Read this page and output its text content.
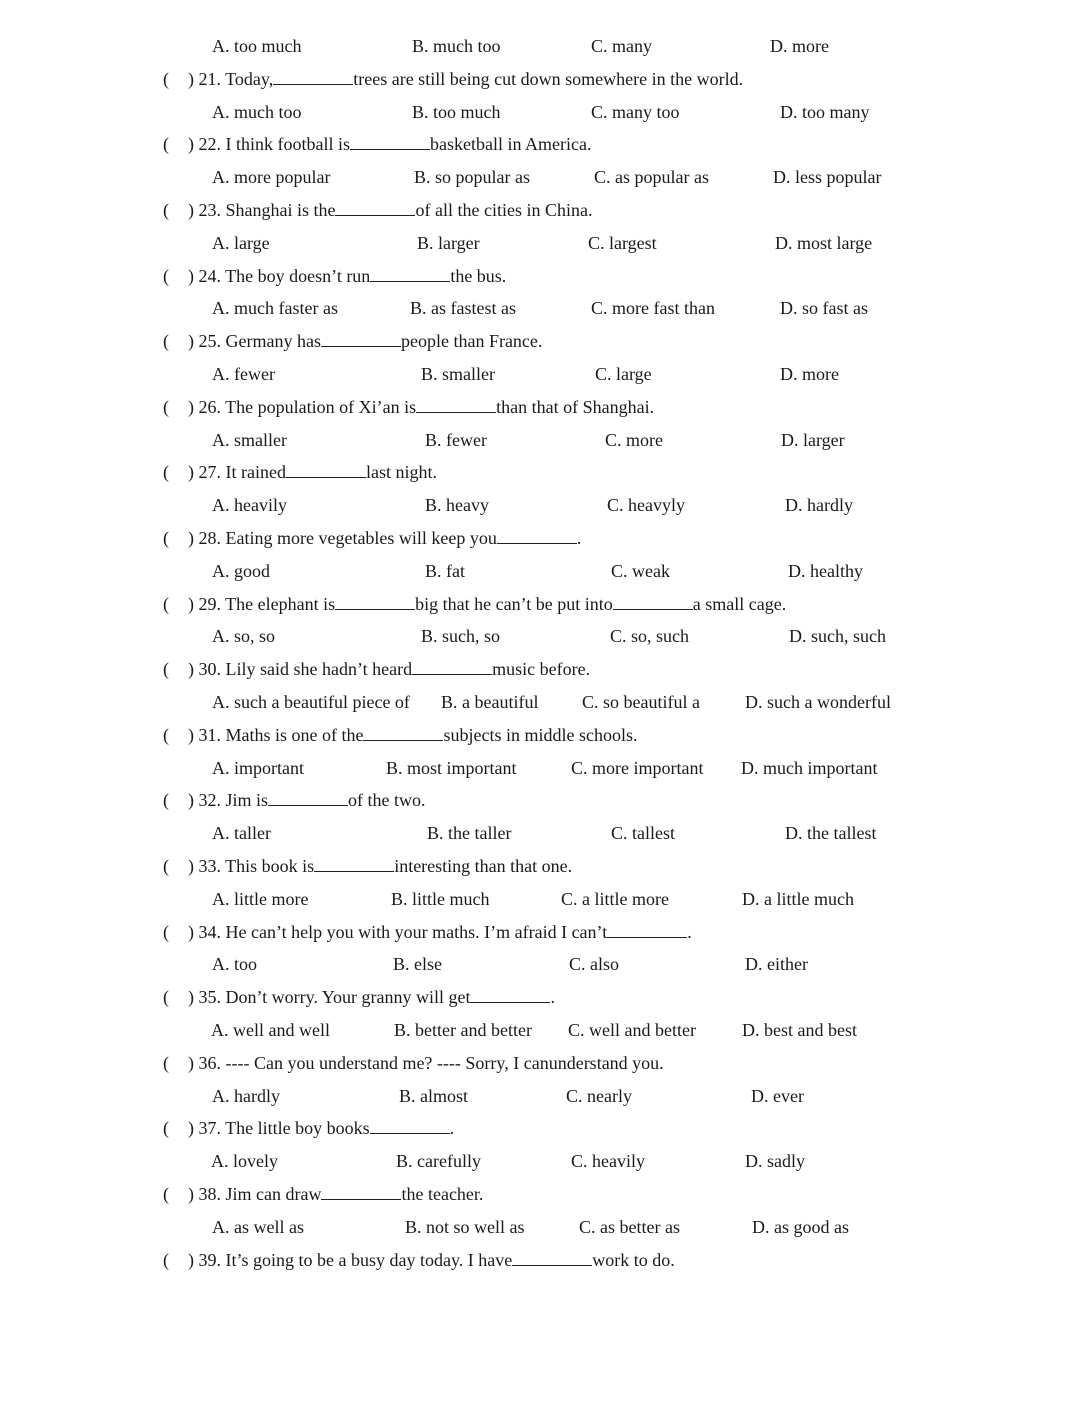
A. too much	B. much too	C. many	D. more
( ) 21. Today,	trees are still being cut down somewhere in the world.
A. much too	B. too much	C. many too	D. too many
( ) 22. I think football is	basketball in America.
A. more popular	B. so popular as	C. as popular as	D. less popular
( ) 23. Shanghai is the	of all the cities in China.
A. large	B. larger	C. largest	D. most large
( ) 24. The boy doesn’t run	the bus.
A. much faster as	B. as fastest as	C. more fast than	D. so fast as
( ) 25. Germany has	people than France.
A. fewer	B. smaller	C. large	D. more
( ) 26. The population of Xi’an is	than that of Shanghai.
A. smaller	B. fewer	C. more	D. larger
( ) 27. It rained	last night.
A. heavily	B. heavy	C. heavyly	D. hardly
( ) 28. Eating more vegetables will keep you	.
A. good	B. fat	C. weak	D. healthy
( ) 29. The elephant is	big that he can’t be put into	a small cage.
A. so, so	B. such, so	C. so, such	D. such, such
( ) 30. Lily said she hadn’t heard	music before.
A. such a beautiful piece of B. a beautiful C. so beautiful a	D. such a wonderful
( ) 31. Maths is one of the	subjects in middle schools.
A. important	B. most important	C. more important D. much important
( ) 32. Jim is	of the two.
A. taller	B. the taller	C. tallest	D. the tallest
( ) 33. This book is	interesting than that one.
A. little more	B. little much	C. a little more	D. a little much
( ) 34. He can’t help you with your maths. I’m afraid I can’t	.
A. too	B. else	C. also	D. either
( ) 35. Don’t worry. Your granny will get	.
A. well and well	B. better and better C. well and better	D. best and best
( ) 36. ---- Can you understand me? ---- Sorry, I canunderstand you.
A. hardly	B. almost	C. nearly	D. ever
( ) 37. The little boy books	.
A. lovely	B. carefully	C. heavily	D. sadly
( ) 38. Jim can draw	the teacher.
A. as well as	B. not so well as	C. as better as	D. as good as
( ) 39. It’s going to be a busy day today. I have	work to do.
